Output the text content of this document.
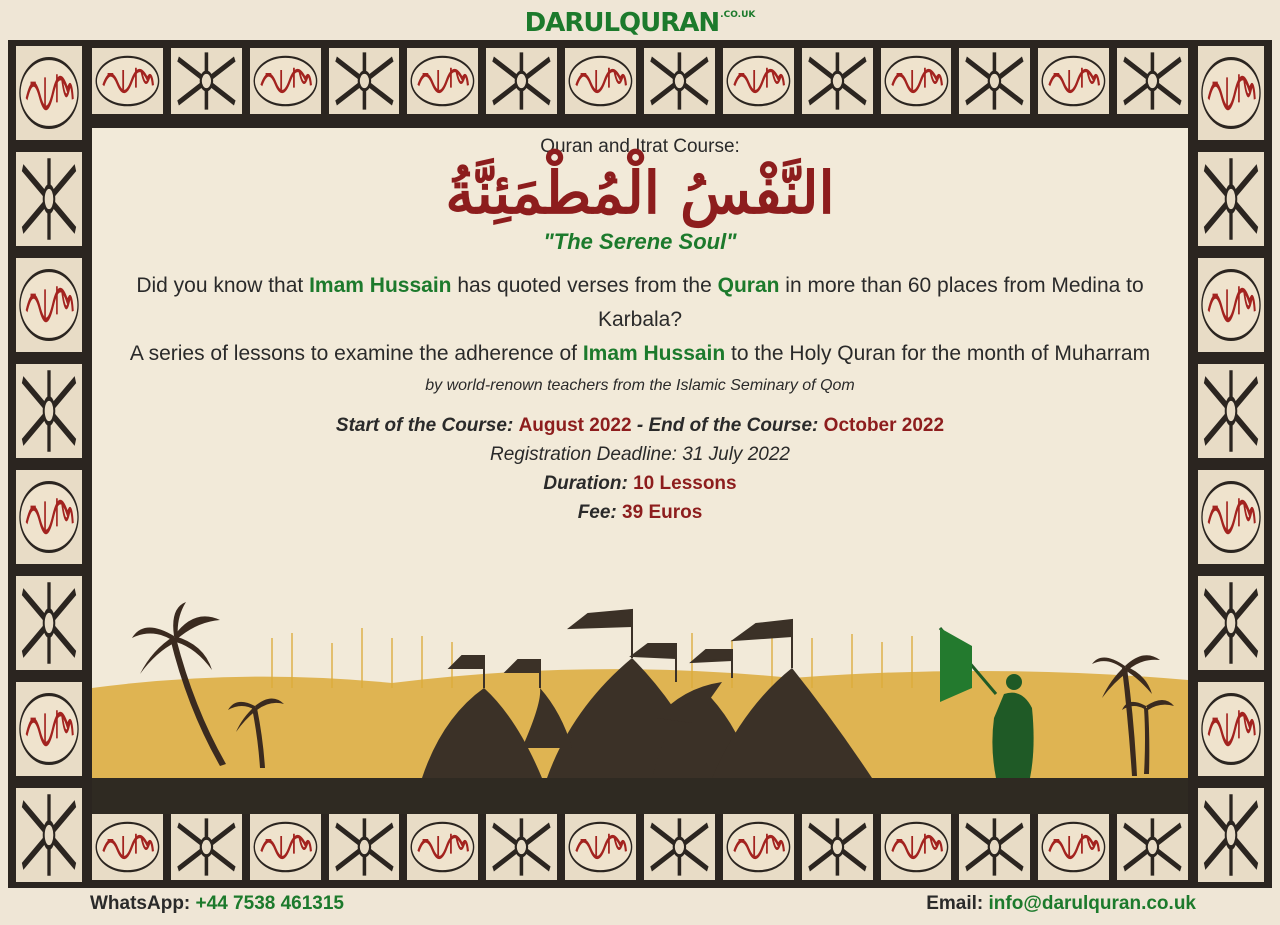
$DARULQURAN^{.CO.UK}$
Quran and Itrat Course:
النَّفْسُ الْمُطْمَئِنَّةُ
"The Serene Soul"
Did you know that Imam Hussain has quoted verses from the Quran in more than 60 places from Medina to Karbala?
A series of lessons to examine the adherence of Imam Hussain to the Holy Quran for the month of Muharram
by world-renown teachers from the Islamic Seminary of Qom
Start of the Course: August 2022 - End of the Course: October 2022
Registration Deadline: 31 July 2022
Duration: 10 Lessons
Fee: 39 Euros
WhatsApp: +44 7538 461315	Email: info@darulquran.co.uk
